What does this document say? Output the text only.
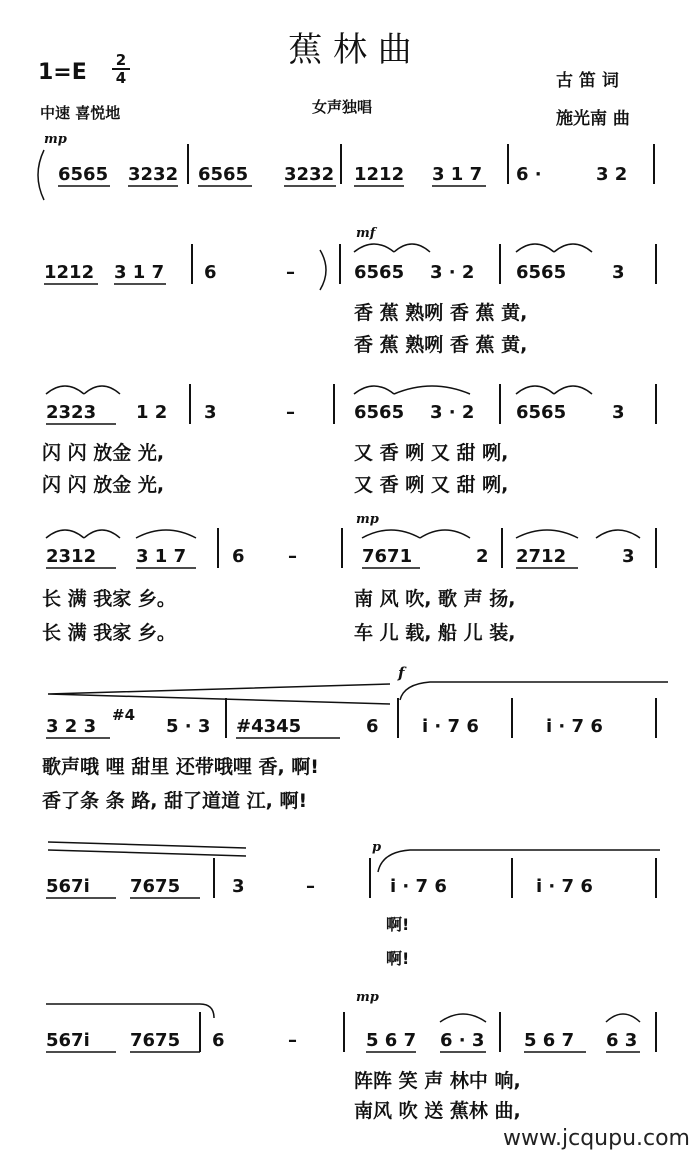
蕉 林 曲
$1=E \frac{2}{4}$	古 笛 词
施光南 曲
中速 喜悦地	女声独唱
mp
mf
mp
f
p
mp
6565 3232 6565 3232 1212 3 1 7 6 ·	3 2
1212 3 1 7 6	–	6565 3 · 2 6565	3
香 蕉 熟咧 香 蕉 黄,
香 蕉 熟咧 香 蕉 黄,
2323 1 2 3	–	6565 3 · 2 6565	3
闪 闪 放金 光,
闪 闪 放金 光,
又 香 咧 又 甜 咧,
又 香 咧 又 甜 咧,
2312 3 1 7	6 –	7671	2 2712	3
长 满 我家 乡。
长 满 我家 乡。
南 风 吹, 歌 声 扬,
车 儿 载, 船 儿 装,
3 2 3
#4
5 · 3 #4345	6 i · 7 6	i · 7 6
歌声哦 哩 甜里 还带哦哩 香, 啊!
香了条 条 路, 甜了道道 江, 啊!
567i 7675	3	–	i · 7 6	i · 7 6
啊!
啊!
567i 7675 6	–	5 6 7 6 · 3 5 6 7 6 3
阵阵 笑 声 林中 响,
南风 吹 送 蕉林 曲,
www.jcqupu.com
